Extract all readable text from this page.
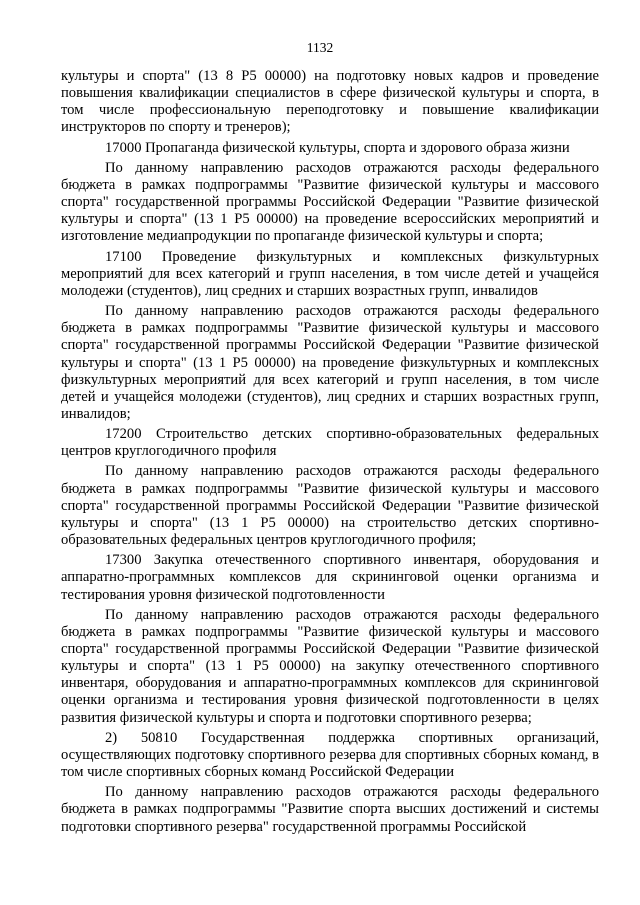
1132

культуры и спорта" (13 8 Р5 00000) на подготовку новых кадров и проведение повышения квалификации специалистов в сфере физической культуры и спорта, в том числе профессиональную переподготовку и повышение квалификации инструкторов по спорту и тренеров);

17000 Пропаганда физической культуры, спорта и здорового образа жизни

По данному направлению расходов отражаются расходы федерального бюджета в рамках подпрограммы "Развитие физической культуры и массового спорта" государственной программы Российской Федерации "Развитие физической культуры и спорта" (13 1 Р5 00000) на проведение всероссийских мероприятий и изготовление медиапродукции по пропаганде физической культуры и спорта;

17100 Проведение физкультурных и комплексных физкультурных мероприятий для всех категорий и групп населения, в том числе детей и учащейся молодежи (студентов), лиц средних и старших возрастных групп, инвалидов

По данному направлению расходов отражаются расходы федерального бюджета в рамках подпрограммы "Развитие физической культуры и массового спорта" государственной программы Российской Федерации "Развитие физической культуры и спорта" (13 1 Р5 00000) на проведение физкультурных и комплексных физкультурных мероприятий для всех категорий и групп населения, в том числе детей и учащейся молодежи (студентов), лиц средних и старших возрастных групп, инвалидов;

17200 Строительство детских спортивно-образовательных федеральных центров круглогодичного профиля

По данному направлению расходов отражаются расходы федерального бюджета в рамках подпрограммы "Развитие физической культуры и массового спорта" государственной программы Российской Федерации "Развитие физической культуры и спорта" (13 1 Р5 00000) на строительство детских спортивно-образовательных федеральных центров круглогодичного профиля;

17300 Закупка отечественного спортивного инвентаря, оборудования и аппаратно-программных комплексов для скрининговой оценки организма и тестирования уровня физической подготовленности

По данному направлению расходов отражаются расходы федерального бюджета в рамках подпрограммы "Развитие физической культуры и массового спорта" государственной программы Российской Федерации "Развитие физической культуры и спорта" (13 1 Р5 00000) на закупку отечественного спортивного инвентаря, оборудования и аппаратно-программных комплексов для скрининговой оценки организма и тестирования уровня физической подготовленности в целях развития физической культуры и спорта и подготовки спортивного резерва;

2) 50810 Государственная поддержка спортивных организаций, осуществляющих подготовку спортивного резерва для спортивных сборных команд, в том числе спортивных сборных команд Российской Федерации

По данному направлению расходов отражаются расходы федерального бюджета в рамках подпрограммы "Развитие спорта высших достижений и системы подготовки спортивного резерва" государственной программы Российской
